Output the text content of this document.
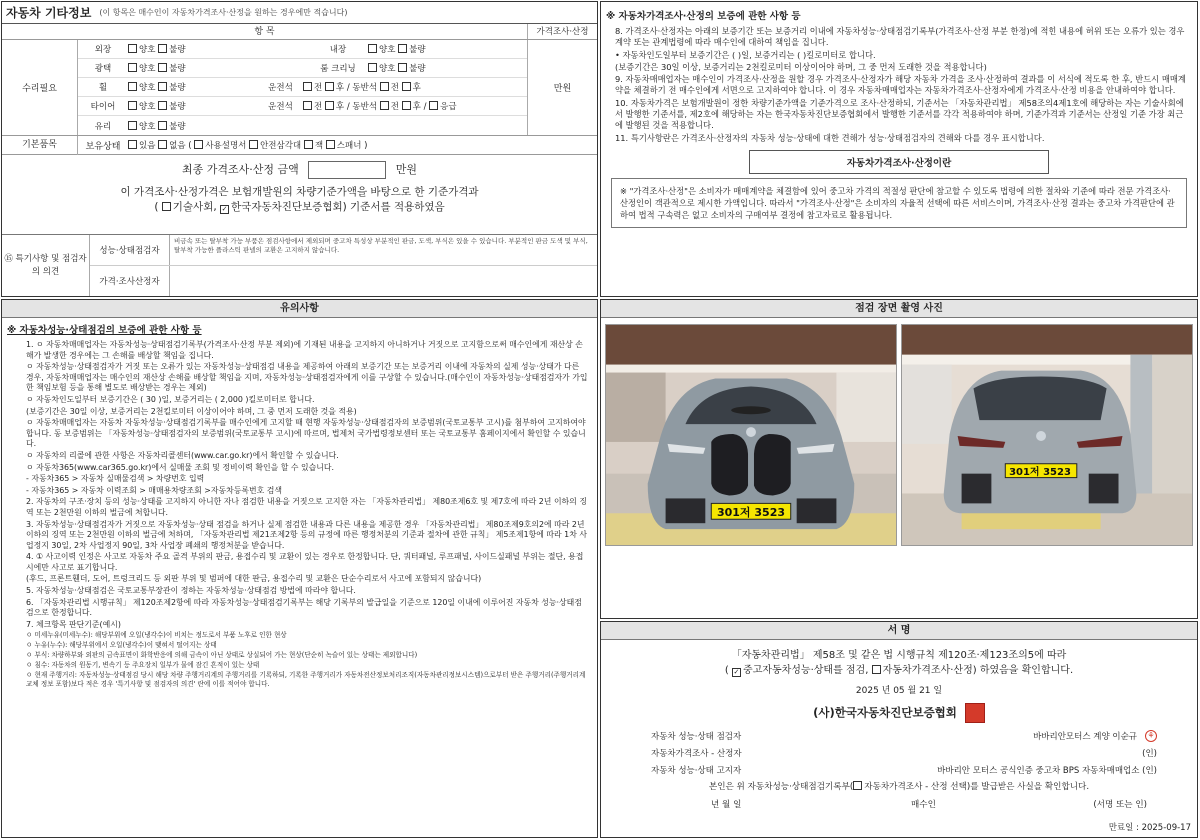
자동차 기타정보 (이 항목은 매수인이 자동차가격조사·산정을 원하는 경우에만 적습니다)
항 목	가격조사·산정
수리필요
외장	양호 불량	내장	양호 불량
광택	양호 불량	룸 크리닝	양호 불량
휠	양호 불량	운전석	전 후 / 동반석 전 후
타이어	양호 불량	운전석	전 후 / 동반석 전 후 / 응급
유리	양호 불량
만원
기본품목	보유상태	있음 없음 ( 사용설명서 안전삼각대 잭 스패너 )
최종 가격조사·산정 금액	만원
이 가격조사·산정가격은 보험개발원의 차량기준가액을 바탕으로 한 기준가격과
( 기술사회, ✓ 한국자동차진단보증협회) 기준서를 적용하였음
⑮ 특기사항 및 점검자의 의견
성능·상태점검자
비금속 또는 탈부착 가능 부품은 점검사항에서 제외되며 중고차 특성상 부분적인 판금, 도색, 부식은 있을 수 있습니다. 부분적인 판금 도색 및 부식, 탈부착 가능한 플라스틱 판넬의 교환은 고지하지 않습니다.
가격·조사산정자
※ 자동차가격조사·산정의 보증에 관한 사항 등

8. 가격조사·산정자는 아래의 보증기간 또는 보증거리 이내에 자동차성능·상태점검기록부(가격조사·산정 부분 한정)에 적힌 내용에 허위 또는 오류가 있는 경우 계약 또는 관계법령에 따라 매수인에 대하여 책임을 집니다.

• 자동차인도일부터 보증기간은 ( )일, 보증거리는 ( )킬로미터로 합니다.

(보증기간은 30일 이상, 보증거리는 2천킬로미터 이상이어야 하며, 그 중 먼저 도래한 것을 적용합니다)

9. 자동차매매업자는 매수인이 가격조사·산정을 원할 경우 가격조사·산정자가 해당 자동차 가격을 조사·산정하여 결과를 이 서식에 적도록 한 후, 반드시 매매계약을 체결하기 전 매수인에게 서면으로 고지하여야 합니다. 이 경우 자동차매매업자는 자동차가격조사·산정자에게 가격조사·산정 비용을 안내하여야 합니다.

10. 자동차가격은 보험개발원이 정한 차량기준가액을 기준가격으로 조사·산정하되, 기준서는 「자동차관리법」 제58조의4제1호에 해당하는 자는 기술사회에서 발행한 기준서를, 제2호에 해당하는 자는 한국자동차진단보증협회에서 발행한 기준서를 각각 적용하여야 하며, 기준가격과 기준서는 산정일 기준 가장 최근에 발행된 것을 적용합니다.

11. 특기사항란은 가격조사·산정자의 자동차 성능·상태에 대한 견해가 성능·상태점검자의 견해와 다를 경우 표시합니다.

자동차가격조사·산정이란
※ "가격조사·산정"은 소비자가 매매계약을 체결함에 있어 중고차 가격의 적절성 판단에 참고할 수 있도록 법령에 의한 절차와 기준에 따라 전문 가격조사·산정인이 객관적으로 제시한 가액입니다. 따라서 "가격조사·산정"은 소비자의 자율적 선택에 따른 서비스이며, 가격조사·산정 결과는 중고차 가격판단에 관하여 법적 구속력은 없고 소비자의 구매여부 결정에 참고자료로 활용됩니다.
유의사항
※ 자동차성능·상태점검의 보증에 관한 사항 등

1. ㅇ 자동차매매업자는 자동차성능·상태점검기록부(가격조사·산정 부분 제외)에 기재된 내용을 고지하지 아니하거나 거짓으로 고지함으로써 매수인에게 재산상 손해가 발생한 경우에는 그 손해를 배상할 책임을 집니다.

ㅇ 자동차성능·상태점검자가 거짓 또는 오류가 있는 자동차성능·상태점검 내용을 제공하여 아래의 보증기간 또는 보증거리 이내에 자동차의 실제 성능·상태가 다른 경우, 자동차매매업자는 매수인의 재산상 손해를 배상할 책임을 지며, 자동차성능·상태점검자에게 이를 구상할 수 있습니다.(매수인이 자동차성능·상태점검자가 가입한 책임보험 등을 통해 별도로 배상받는 경우는 제외)

ㅇ 자동차인도일부터 보증기간은 ( 30 )일, 보증거리는 ( 2,000 )킬로미터로 합니다.

(보증기간은 30일 이상, 보증거리는 2천킬로미터 이상이어야 하며, 그 중 먼저 도래한 것을 적용)

ㅇ 자동차매매업자는 자동차 자동차성능·상태점검기록부를 매수인에게 고지할 때 현행 자동차성능·상태점검자의 보증범위(국토교통부 고시)를 첨부하여 고지하여야 합니다. 동 보증범위는 「자동차성능·상태점검자의 보증범위(국토교통부 고시)에 따르며, 법제처 국가법령정보센터 또는 국토교통부 홈페이지에서 확인할 수 있습니다.

ㅇ 자동차의 리콜에 관한 사항은 자동차리콜센터(www.car.go.kr)에서 확인할 수 있습니다.

ㅇ 자동차365(www.car365.go.kr)에서 실매물 조회 및 정비이력 확인을 할 수 있습니다.

- 자동차365 > 자동차 실매물검색 > 차량번호 입력

- 자동차365 > 자동차 이력조회 > 매매용차량조회 >자동차등록번호 검색

2. 자동차의 구조·장치 등의 성능·상태를 고지하지 아니한 자나 점검한 내용을 거짓으로 고지한 자는 「자동차관리법」 제80조제6호 및 제7호에 따라 2년 이하의 징역 또는 2천만원 이하의 벌금에 처합니다.

3. 자동차성능·상태점검자가 거짓으로 자동차성능·상태 점검을 하거나 실제 점검한 내용과 다른 내용을 제공한 경우 「자동차관리법」 제80조제9호의2에 따라 2년 이하의 징역 또는 2천만원 이하의 벌금에 처하며, 「자동차관리법 제21조제2항 등의 규정에 따른 행정처분의 기준과 절차에 관한 규칙」 제5조제1항에 따라 1차 사업정지 30일, 2차 사업정지 90일, 3차 사업장 폐쇄의 행정처분을 받습니다.

4. ① 사고이력 인정은 사고로 자동차 주요 골격 부위의 판금, 용접수리 및 교환이 있는 경우로 한정합니다. 단, 쿼터패널, 루프패널, 사이드실패널 부위는 절단, 용접 시에만 사고로 표기합니다.

(후드, 프론트휀더, 도어, 트렁크리드 등 외판 부위 및 범퍼에 대한 판금, 용접수리 및 교환은 단순수리로서 사고에 포함되지 않습니다)

5. 자동차성능·상태점검은 국토교통부장관이 정하는 자동차성능·상태점검 방법에 따라야 합니다.

6. 「자동차관리법 시행규칙」 제120조제2항에 따라 자동차성능·상태점검기록부는 해당 기록부의 발급일을 기준으로 120일 이내에 이루어진 자동차 성능·상태점검으로 한정합니다.

7. 체크항목 판단기준(예시)

ㅇ 미세누유(미세누수): 해당부위에 오일(냉각수)이 비치는 정도로서 부품 노후로 인한 현상

ㅇ 누유(누수): 해당부위에서 오일(냉각수)이 맺혀서 떨어지는 상태

ㅇ 부식: 차량하부와 외판의 금속표면이 화학반응에 의해 금속이 아닌 상태로 상실되어 가는 현상(단순히 녹슬어 있는 상태는 제외합니다)

ㅇ 침수: 자동차의 원동기, 변속기 등 주요장치 일부가 물에 잠긴 흔적이 있는 상태

ㅇ 현재 주행거리: 자동차성능·상태점검 당시 해당 차량 주행거리계의 주행거리를 기록하되, 기록한 주행거리가 자동차전산정보처리조직(자동차관리정보시스템)으로부터 받은 주행거리(주행거리계 교체 정보 포함)보다 적은 경우 '특기사항 및 점검자의 의견' 란에 이를 적어야 합니다.

점검 장면 촬영 사진
301저 3523
301저 3523
서 명
「자동차관리법」 제58조 및 같은 법 시행규칙 제120조·제123조의5에 따라
( ✓중고자동차성능·상태를 점검, 자동차가격조사·산정) 하였음을 확인합니다.
2025 년 05 월 21 일
(사)한국자동차진단보증협회
자동차 성능·상태 점검자	바바리안모터스 계양 이순규	⚘
자동차가격조사 - 산정자	(인)
자동차 성능·상태 고지자	바바리안 모터스 공식인증 중고차 BPS 자동차매매업소 (인)
본인은 위 자동차성능·상태점검기록부( 자동차가격조사 - 산정 선택)를 발급받은 사실을 확인합니다.
년 월 일	매수인	(서명 또는 인)
만료일 : 2025-09-17
